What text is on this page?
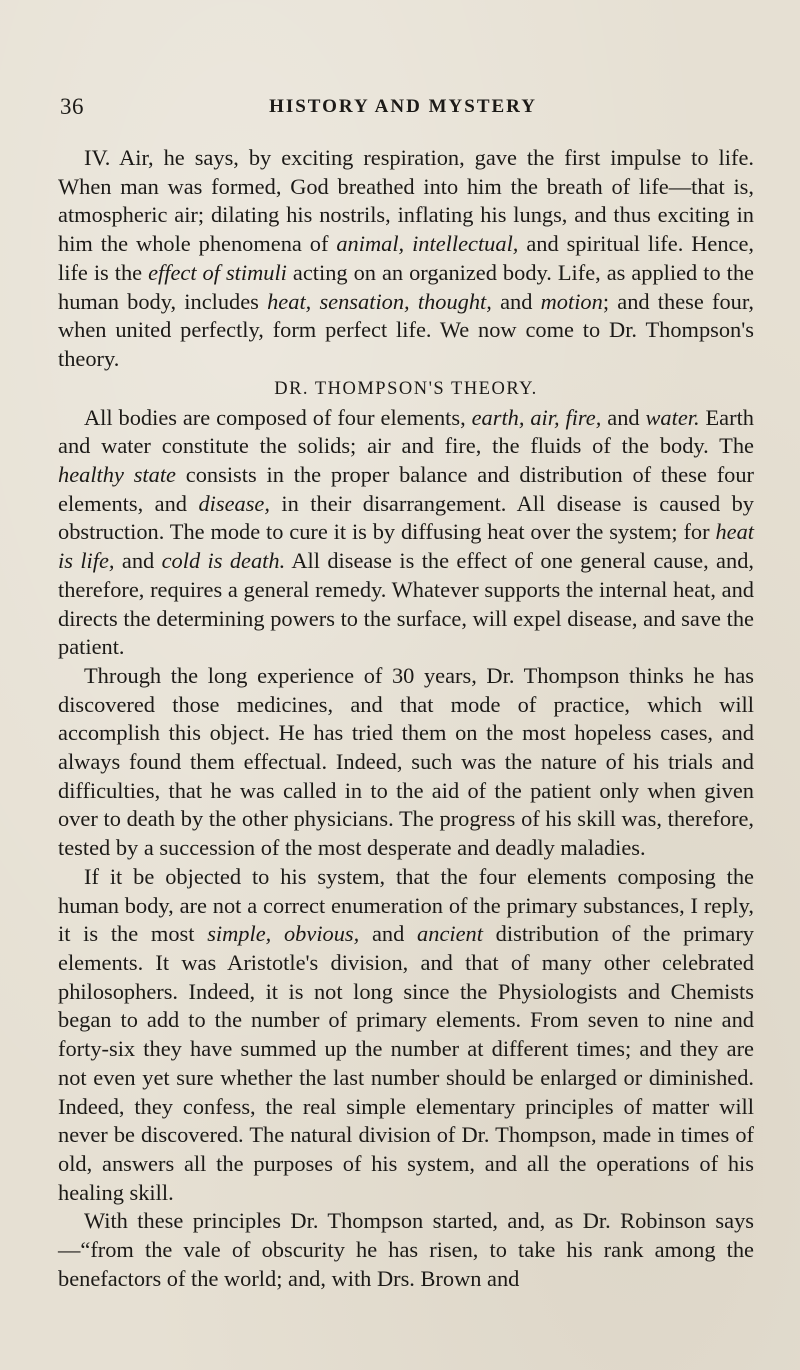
36	HISTORY AND MYSTERY

IV. Air, he says, by exciting respiration, gave the first impulse to life. When man was formed, God breathed into him the breath of life—that is, atmospheric air; dilating his nostrils, inflating his lungs, and thus exciting in him the whole phenomena of animal, intellectual, and spiritual life. Hence, life is the effect of stimuli acting on an organized body. Life, as applied to the human body, includes heat, sensation, thought, and motion; and these four, when united perfectly, form perfect life. We now come to Dr. Thompson's theory.

DR. THOMPSON'S THEORY.

All bodies are composed of four elements, earth, air, fire, and water. Earth and water constitute the solids; air and fire, the fluids of the body. The healthy state consists in the proper balance and distribution of these four elements, and disease, in their disarrangement. All disease is caused by obstruction. The mode to cure it is by diffusing heat over the system; for heat is life, and cold is death. All disease is the effect of one general cause, and, therefore, requires a general remedy. Whatever supports the internal heat, and directs the determining powers to the surface, will expel disease, and save the patient.

Through the long experience of 30 years, Dr. Thompson thinks he has discovered those medicines, and that mode of practice, which will accomplish this object. He has tried them on the most hopeless cases, and always found them effectual. Indeed, such was the nature of his trials and difficulties, that he was called in to the aid of the patient only when given over to death by the other physicians. The progress of his skill was, therefore, tested by a succession of the most desperate and deadly maladies.

If it be objected to his system, that the four elements composing the human body, are not a correct enumeration of the primary substances, I reply, it is the most simple, obvious, and ancient distribution of the primary elements. It was Aristotle's division, and that of many other celebrated philosophers. Indeed, it is not long since the Physiologists and Chemists began to add to the number of primary elements. From seven to nine and forty-six they have summed up the number at different times; and they are not even yet sure whether the last number should be enlarged or diminished. Indeed, they confess, the real simple elementary principles of matter will never be discovered. The natural division of Dr. Thompson, made in times of old, answers all the purposes of his system, and all the operations of his healing skill.

With these principles Dr. Thompson started, and, as Dr. Robinson says—“from the vale of obscurity he has risen, to take his rank among the benefactors of the world; and, with Drs. Brown and
